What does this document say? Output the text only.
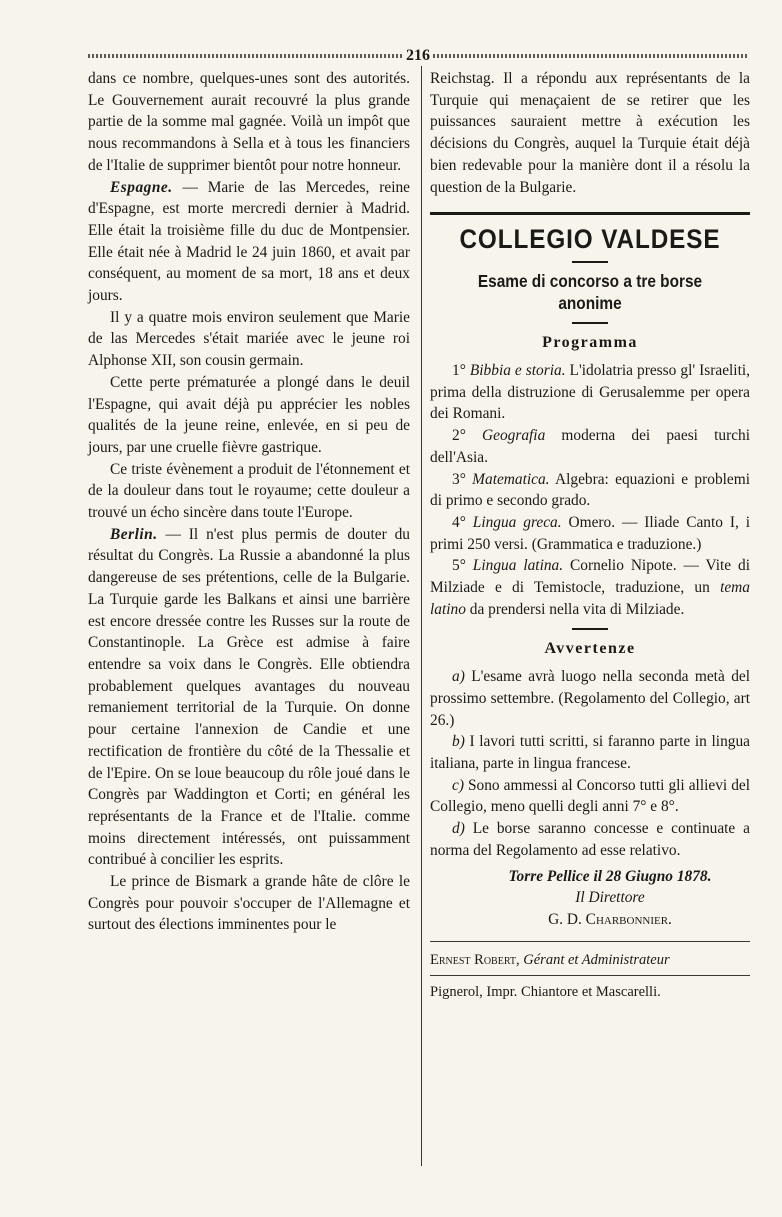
216

dans ce nombre, quelques-unes sont des autorités. Le Gouvernement aurait recouvré la plus grande partie de la somme mal gagnée. Voilà un impôt que nous recommandons à Sella et à tous les financiers de l'Italie de supprimer bientôt pour notre honneur.

Espagne. — Marie de las Mercedes, reine d'Espagne, est morte mercredi dernier à Madrid. Elle était la troisième fille du duc de Montpensier. Elle était née à Madrid le 24 juin 1860, et avait par conséquent, au moment de sa mort, 18 ans et deux jours.

Il y a quatre mois environ seulement que Marie de las Mercedes s'était mariée avec le jeune roi Alphonse XII, son cousin germain.

Cette perte prématurée a plongé dans le deuil l'Espagne, qui avait déjà pu apprécier les nobles qualités de la jeune reine, enlevée, en si peu de jours, par une cruelle fièvre gastrique.

Ce triste évènement a produit de l'étonnement et de la douleur dans tout le royaume; cette douleur a trouvé un écho sincère dans toute l'Europe.

Berlin. — Il n'est plus permis de douter du résultat du Congrès. La Russie a abandonné la plus dangereuse de ses prétentions, celle de la Bulgarie. La Turquie garde les Balkans et ainsi une barrière est encore dressée contre les Russes sur la route de Constantinople. La Grèce est admise à faire entendre sa voix dans le Congrès. Elle obtiendra probablement quelques avantages du nouveau remaniement territorial de la Turquie. On donne pour certaine l'annexion de Candie et une rectification de frontière du côté de la Thessalie et de l'Epire. On se loue beaucoup du rôle joué dans le Congrès par Waddington et Corti; en général les représentants de la France et de l'Italie. comme moins directement intéressés, ont puissamment contribué à concilier les esprits.

Le prince de Bismark a grande hâte de clôre le Congrès pour pouvoir s'occuper de l'Allemagne et surtout des élections imminentes pour le

Reichstag. Il a répondu aux représentants de la Turquie qui menaçaient de se retirer que les puissances sauraient mettre à exécution les décisions du Congrès, auquel la Turquie était déjà bien redevable pour la manière dont il a résolu la question de la Bulgarie.

COLLEGIO VALDESE
Esame di concorso a tre borse anonime
Programma

1° Bibbia e storia. L'idolatria presso gl' Israeliti, prima della distruzione di Gerusalemme per opera dei Romani.

2° Geografia moderna dei paesi turchi dell'Asia.

3° Matematica. Algebra: equazioni e problemi di primo e secondo grado.

4° Lingua greca. Omero. — Iliade Canto I, i primi 250 versi. (Grammatica e traduzione.)

5° Lingua latina. Cornelio Nipote. — Vite di Milziade e di Temistocle, traduzione, un tema latino da prendersi nella vita di Milziade.

Avvertenze

a) L'esame avrà luogo nella seconda metà del prossimo settembre. (Regolamento del Collegio, art 26.)

b) I lavori tutti scritti, si faranno parte in lingua italiana, parte in lingua francese.

c) Sono ammessi al Concorso tutti gli allievi del Collegio, meno quelli degli anni 7° e 8°.

d) Le borse saranno concesse e continuate a norma del Regolamento ad esse relativo.

Torre Pellice il 28 Giugno 1878.
Il Direttore
G. D. Charbonnier.

Ernest Robert, Gérant et Administrateur

Pignerol, Impr. Chiantore et Mascarelli.
